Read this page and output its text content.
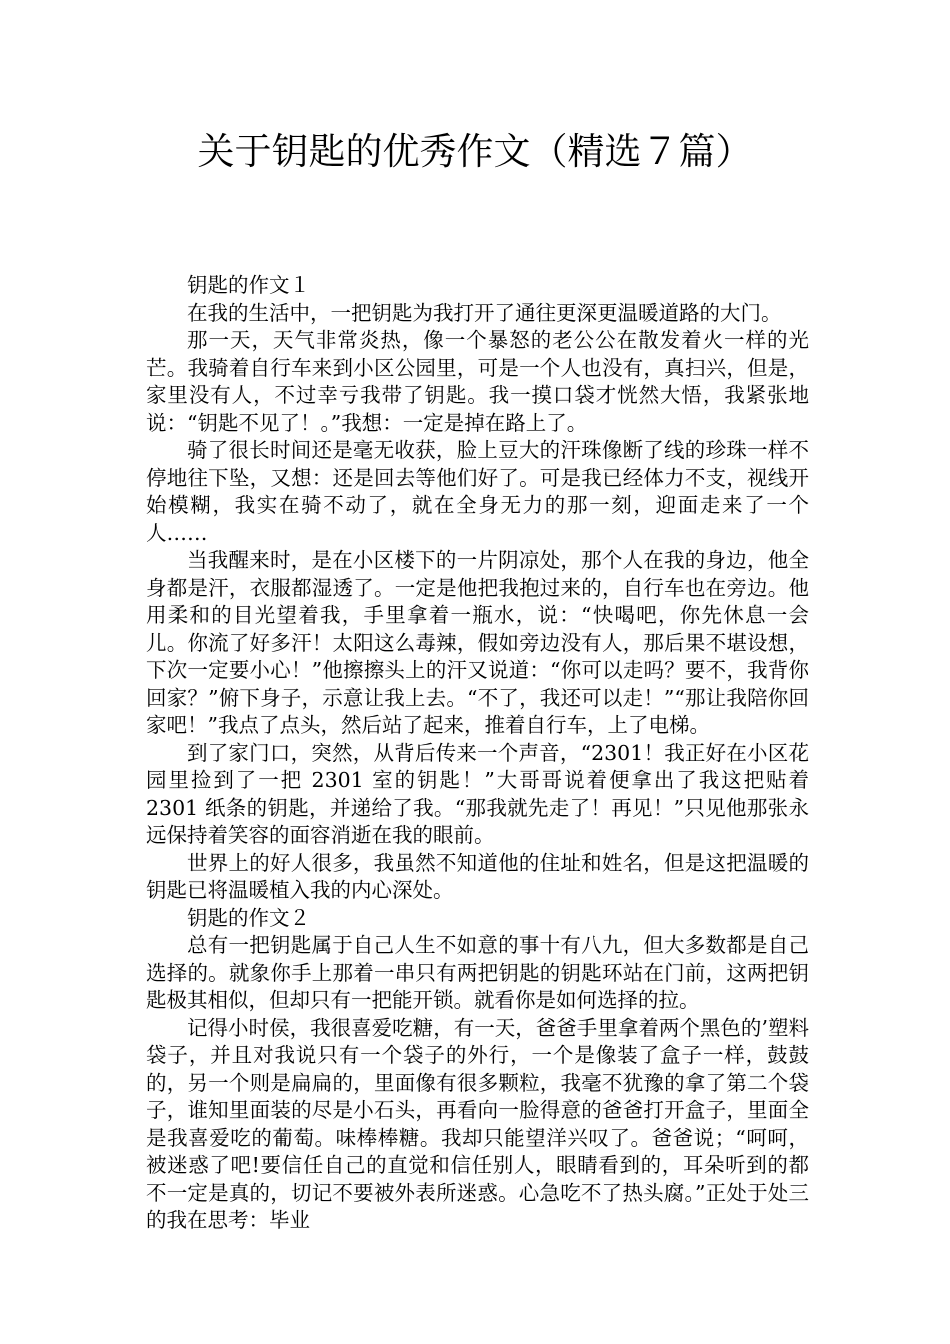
关于钥匙的优秀作文（精选７篇）

钥匙的作文１

在我的生活中，一把钥匙为我打开了通往更深更温暖道路的大门。

那一天，天气非常炎热，像一个暴怒的老公公在散发着火一样的光芒。我骑着自行车来到小区公园里，可是一个人也没有，真扫兴，但是，家里没有人，不过幸亏我带了钥匙。我一摸口袋才恍然大悟，我紧张地说：“钥匙不见了！。”我想：一定是掉在路上了。

骑了很长时间还是毫无收获，脸上豆大的汗珠像断了线的珍珠一样不停地往下坠，又想：还是回去等他们好了。可是我已经体力不支，视线开始模糊，我实在骑不动了，就在全身无力的那一刻，迎面走来了一个人……

当我醒来时，是在小区楼下的一片阴凉处，那个人在我的身边，他全身都是汗，衣服都湿透了。一定是他把我抱过来的，自行车也在旁边。他用柔和的目光望着我，手里拿着一瓶水，说：“快喝吧，你先休息一会儿。你流了好多汗！太阳这么毒辣，假如旁边没有人，那后果不堪设想，下次一定要小心！”他擦擦头上的汗又说道：“你可以走吗？要不，我背你回家？”俯下身子，示意让我上去。“不了，我还可以走！”“那让我陪你回家吧！”我点了点头，然后站了起来，推着自行车，上了电梯。

到了家门口，突然，从背后传来一个声音，“2301！我正好在小区花园里捡到了一把 2301 室的钥匙！”大哥哥说着便拿出了我这把贴着 2301 纸条的钥匙，并递给了我。“那我就先走了！再见！”只见他那张永远保持着笑容的面容消逝在我的眼前。

世界上的好人很多，我虽然不知道他的住址和姓名，但是这把温暖的钥匙已将温暖植入我的内心深处。

钥匙的作文２

总有一把钥匙属于自己人生不如意的事十有八九，但大多数都是自己选择的。就象你手上那着一串只有两把钥匙的钥匙环站在门前，这两把钥匙极其相似，但却只有一把能开锁。就看你是如何选择的拉。

记得小时侯，我很喜爱吃糖，有一天，爸爸手里拿着两个黑色的’塑料袋子，并且对我说只有一个袋子的外行，一个是像装了盒子一样，鼓鼓的，另一个则是扁扁的，里面像有很多颗粒，我毫不犹豫的拿了第二个袋子，谁知里面装的尽是小石头，再看向一脸得意的爸爸打开盒子，里面全是我喜爱吃的葡萄。味棒棒糖。我却只能望洋兴叹了。爸爸说；“呵呵，被迷惑了吧!要信任自己的直觉和信任别人，眼睛看到的，耳朵听到的都不一定是真的，切记不要被外表所迷惑。心急吃不了热头腐。”正处于处三的我在思考：毕业
